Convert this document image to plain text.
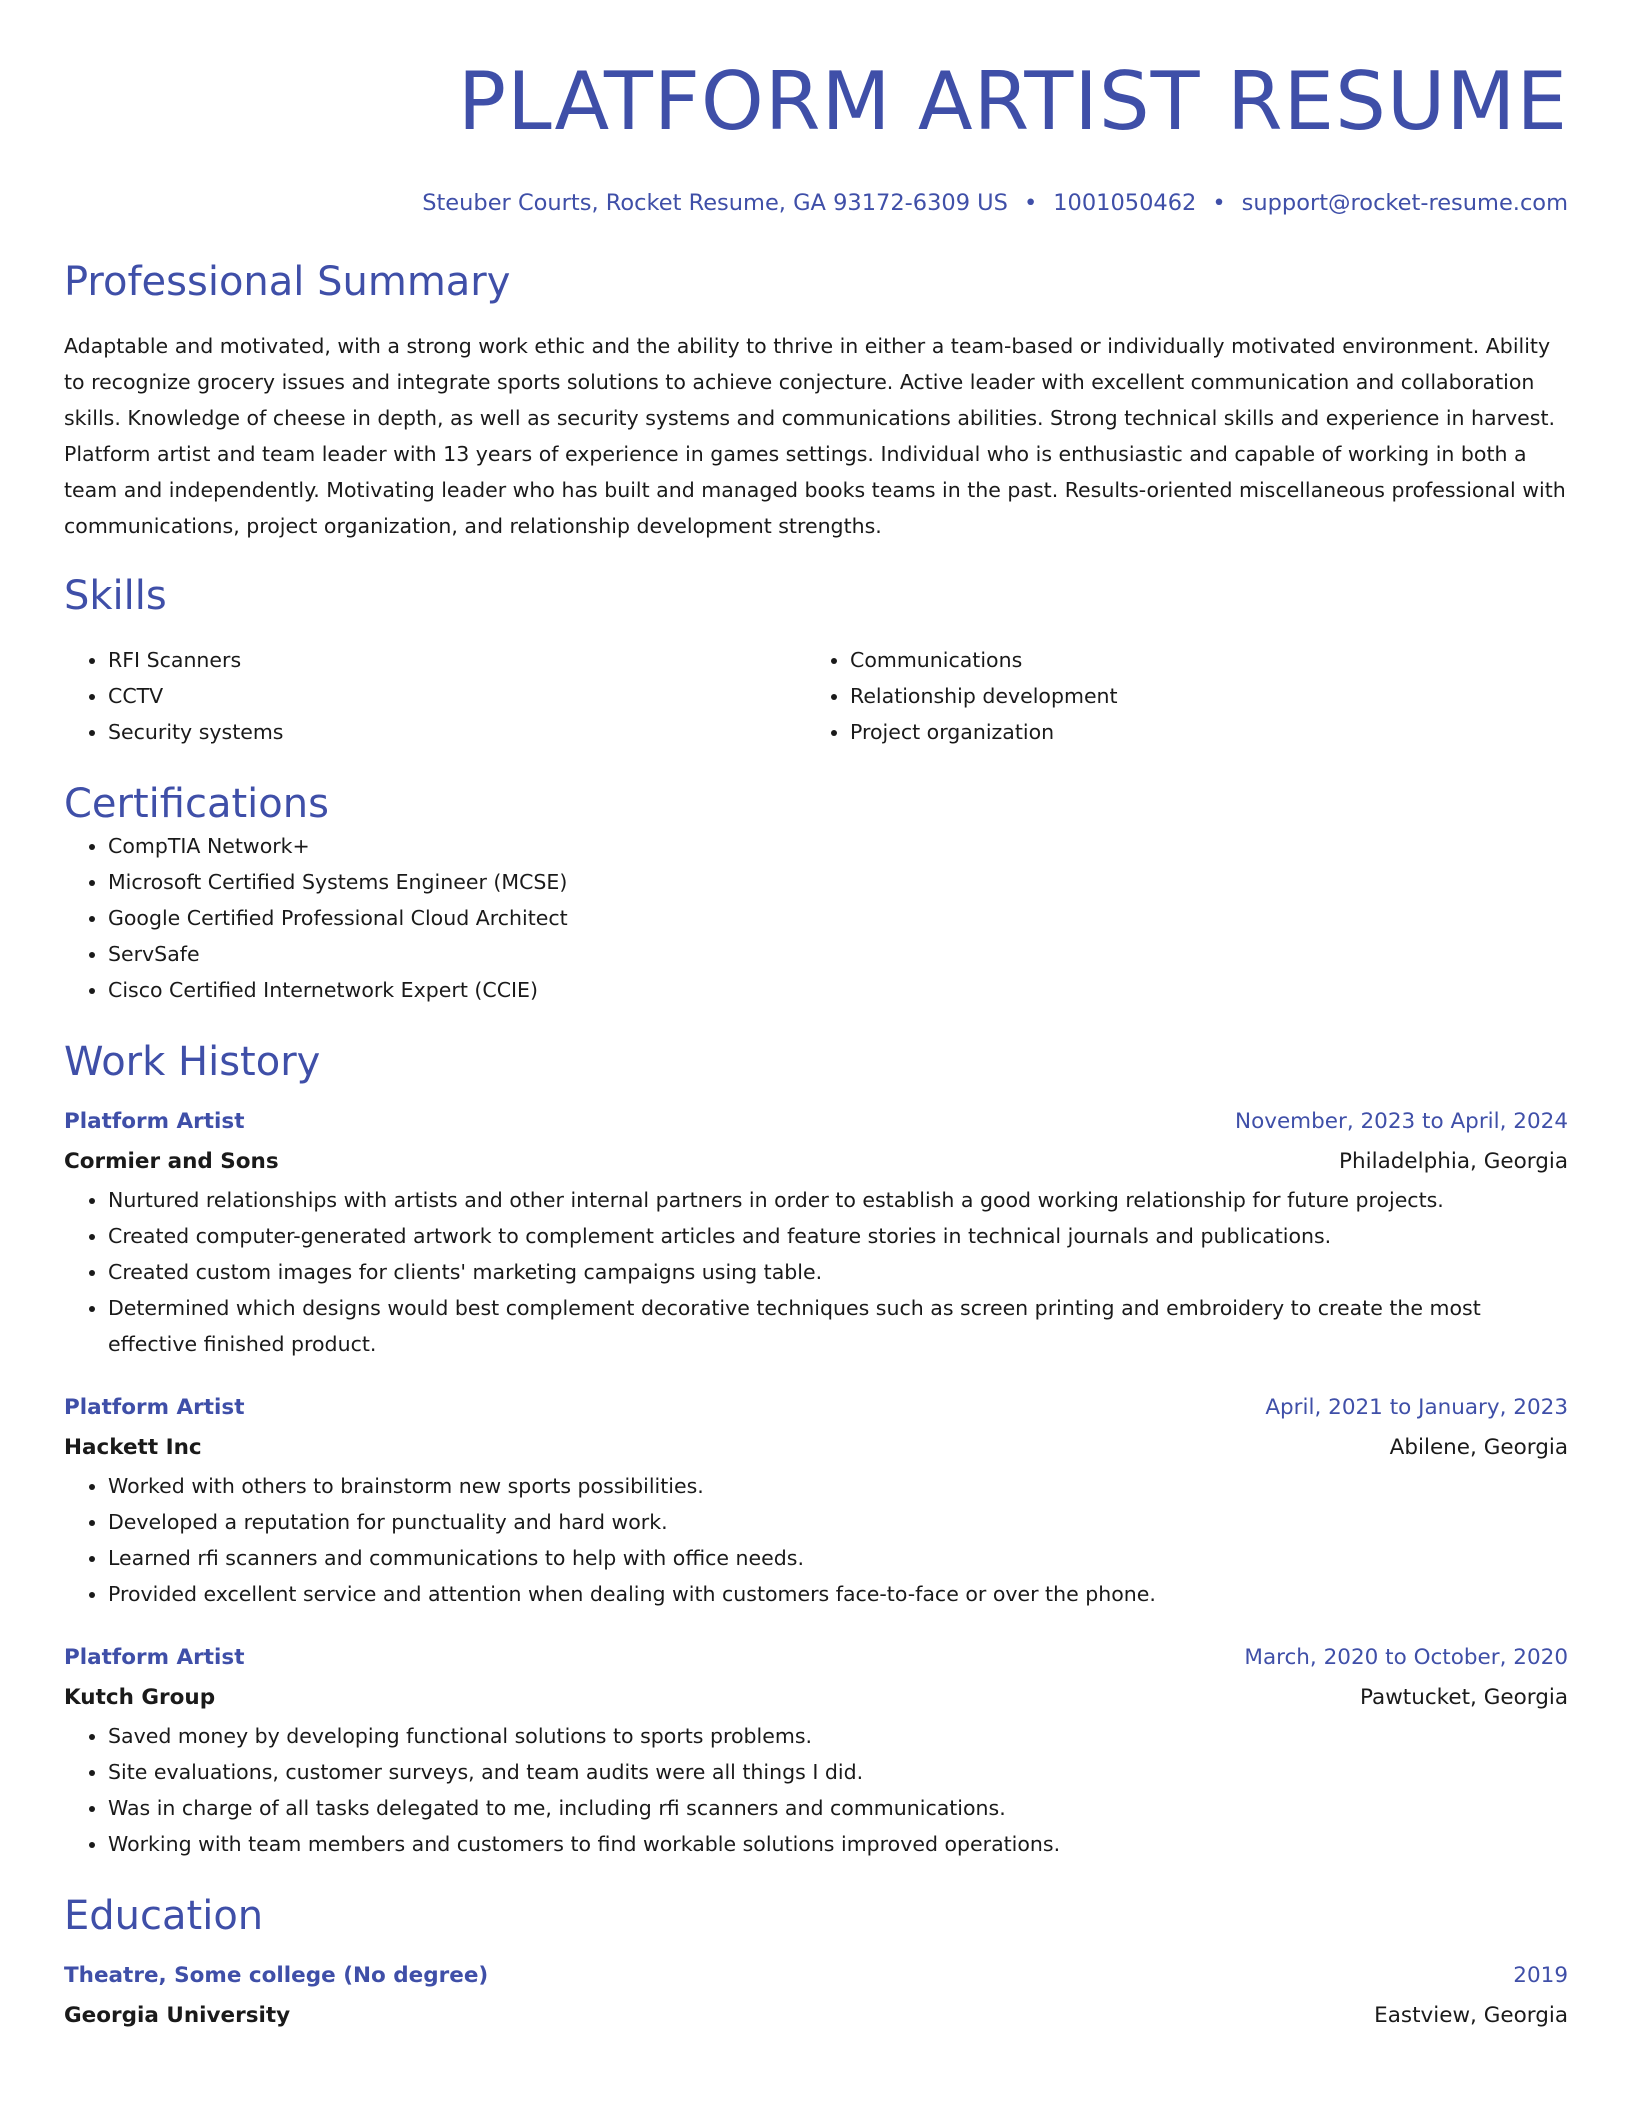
PLATFORM ARTIST RESUME
Steuber Courts, Rocket Resume, GA 93172-6309 US • 1001050462 • support@rocket-resume.com
Professional Summary

Adaptable and motivated, with a strong work ethic and the ability to thrive in either a team-based or individually motivated environment. Ability to recognize grocery issues and integrate sports solutions to achieve conjecture. Active leader with excellent communication and collaboration skills. Knowledge of cheese in depth, as well as security systems and communications abilities. Strong technical skills and experience in harvest. Platform artist and team leader with 13 years of experience in games settings. Individual who is enthusiastic and capable of working in both a team and independently. Motivating leader who has built and managed books teams in the past. Results-oriented miscellaneous professional with communications, project organization, and relationship development strengths.

Skills
• RFI Scanners
• CCTV
• Security systems
• Communications
• Relationship development
• Project organization
Certifications
• CompTIA Network+
• Microsoft Certified Systems Engineer (MCSE)
• Google Certified Professional Cloud Architect
• ServSafe
• Cisco Certified Internetwork Expert (CCIE)
Work History
Platform Artist	November, 2023 to April, 2024
Cormier and Sons	Philadelphia, Georgia
• Nurtured relationships with artists and other internal partners in order to establish a good working relationship for future projects.
• Created computer-generated artwork to complement articles and feature stories in technical journals and publications.
• Created custom images for clients' marketing campaigns using table.
• Determined which designs would best complement decorative techniques such as screen printing and embroidery to create the most effective finished product.
Platform Artist	April, 2021 to January, 2023
Hackett Inc	Abilene, Georgia
• Worked with others to brainstorm new sports possibilities.
• Developed a reputation for punctuality and hard work.
• Learned rfi scanners and communications to help with office needs.
• Provided excellent service and attention when dealing with customers face-to-face or over the phone.
Platform Artist	March, 2020 to October, 2020
Kutch Group	Pawtucket, Georgia
• Saved money by developing functional solutions to sports problems.
• Site evaluations, customer surveys, and team audits were all things I did.
• Was in charge of all tasks delegated to me, including rfi scanners and communications.
• Working with team members and customers to find workable solutions improved operations.
Education
Theatre, Some college (No degree)	2019
Georgia University	Eastview, Georgia
